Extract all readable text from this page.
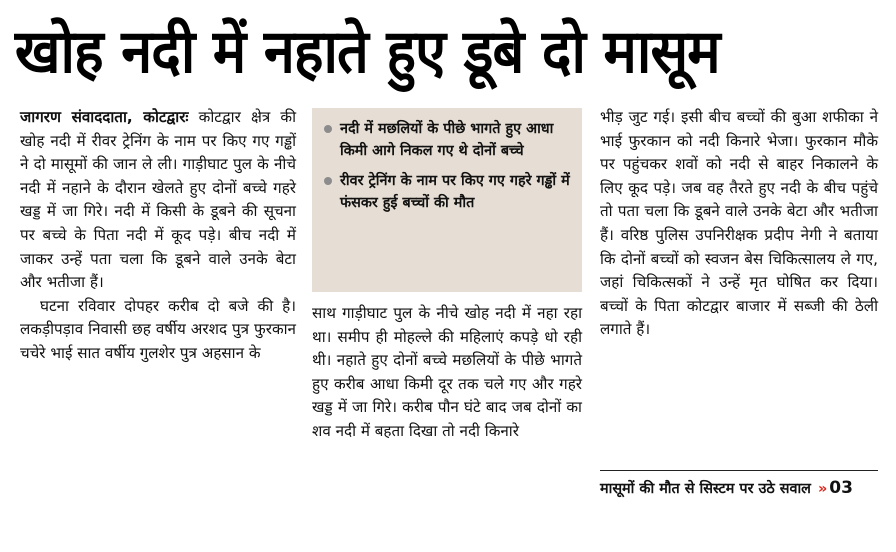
खोह नदी में नहाते हुए डूबे दो मासूम

जागरण संवाददाता, कोटद्वारः कोटद्वार क्षेत्र की खोह नदी में रीवर ट्रेनिंग के नाम पर किए गए गड्ढों ने दो मासूमों की जान ले ली। गाड़ीघाट पुल के नीचे नदी में नहाने के दौरान खेलते हुए दोनों बच्चे गहरे खड्ड में जा गिरे। नदी में किसी के डूबने की सूचना पर बच्चे के पिता नदी में कूद पड़े। बीच नदी में जाकर उन्हें पता चला कि डूबने वाले उनके बेटा और भतीजा हैं।

घटना रविवार दोपहर करीब दो बजे की है। लकड़ीपड़ाव निवासी छह वर्षीय अरशद पुत्र फुरकान चचेरे भाई सात वर्षीय गुलशेर पुत्र अहसान के

नदी में मछलियों के पीछे भागते हुए आधा किमी आगे निकल गए थे दोनों बच्चे
रीवर ट्रेनिंग के नाम पर किए गए गहरे गड्ढों में फंसकर हुई बच्चों की मौत

साथ गाड़ीघाट पुल के नीचे खोह नदी में नहा रहा था। समीप ही मोहल्ले की महिलाएं कपड़े धो रही थी। नहाते हुए दोनों बच्चे मछलियों के पीछे भागते हुए करीब आधा किमी दूर तक चले गए और गहरे खड्ड में जा गिरे। करीब पौन घंटे बाद जब दोनों का शव नदी में बहता दिखा तो नदी किनारे

भीड़ जुट गई। इसी बीच बच्चों की बुआ शफीका ने भाई फुरकान को नदी किनारे भेजा। फुरकान मौके पर पहुंचकर शवों को नदी से बाहर निकालने के लिए कूद पड़े। जब वह तैरते हुए नदी के बीच पहुंचे तो पता चला कि डूबने वाले उनके बेटा और भतीजा हैं। वरिष्ठ पुलिस उपनिरीक्षक प्रदीप नेगी ने बताया कि दोनों बच्चों को स्वजन बेस चिकित्सालय ले गए, जहां चिकित्सकों ने उन्हें मृत घोषित कर दिया। बच्चों के पिता कोटद्वार बाजार में सब्जी की ठेली लगाते हैं।

मासूमों की मौत से सिस्टम पर उठे सवाल » 03
